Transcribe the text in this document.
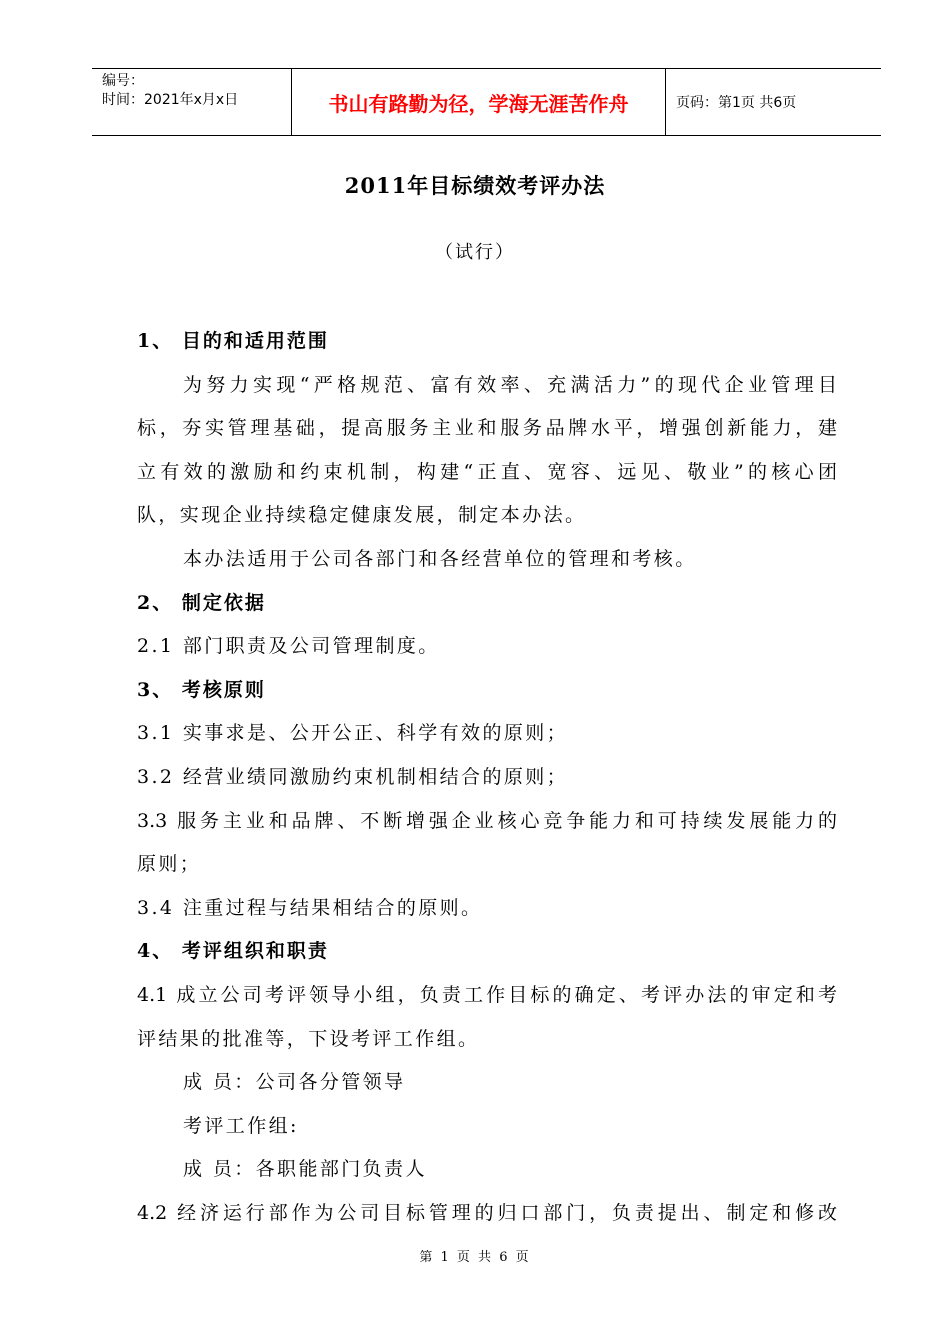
编号：
时间：2021年x月x日	书山有路勤为径，学海无涯苦作舟	页码：第1页 共6页
2011年目标绩效考评办法
（试行）
1、 目的和适用范围
为努力实现“严格规范、富有效率、充满活力”的现代企业管理目
标，夯实管理基础，提高服务主业和服务品牌水平，增强创新能力，建
立有效的激励和约束机制，构建“正直、宽容、远见、敬业”的核心团
队，实现企业持续稳定健康发展，制定本办法。
本办法适用于公司各部门和各经营单位的管理和考核。
2、 制定依据
2.1 部门职责及公司管理制度。
3、 考核原则
3.1 实事求是、公开公正、科学有效的原则；
3.2 经营业绩同激励约束机制相结合的原则；
3.3 服务主业和品牌、不断增强企业核心竞争能力和可持续发展能力的
原则；
3.4 注重过程与结果相结合的原则。
4、 考评组织和职责
4.1 成立公司考评领导小组，负责工作目标的确定、考评办法的审定和考
评结果的批准等，下设考评工作组。
成 员：公司各分管领导
考评工作组:
成 员：各职能部门负责人
4.2 经济运行部作为公司目标管理的归口部门，负责提出、制定和修改
第 1 页 共 6 页
